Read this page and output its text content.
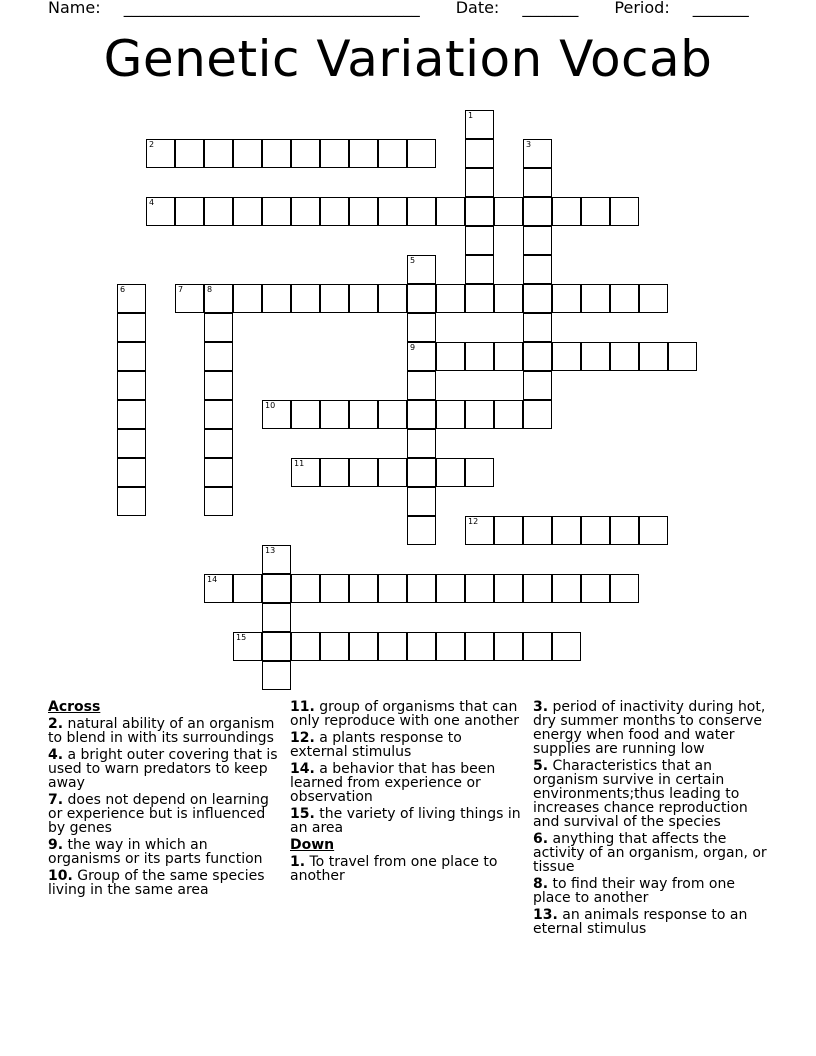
Name: _____________________________________ Date: _______ Period: _______
Genetic Variation Vocab
1
2	3
4
5
9
6	7	8
10
11
12
13
14
15
Across
2. natural ability of an organism to blend in with its surroundings
4. a bright outer covering that is used to warn predators to keep away
7. does not depend on learning or experience but is influenced by genes
9. the way in which an organisms or its parts function
10. Group of the same species living in the same area
11. group of organisms that can only reproduce with one another
12. a plants response to external stimulus
14. a behavior that has been learned from experience or observation
15. the variety of living things in an area
Down
1. To travel from one place to another
3. period of inactivity during hot, dry summer months to conserve energy when food and water supplies are running low
5. Characteristics that an organism survive in certain environments;thus leading to increases chance reproduction and survival of the species
6. anything that affects the activity of an organism, organ, or tissue
8. to find their way from one place to another
13. an animals response to an eternal stimulus
